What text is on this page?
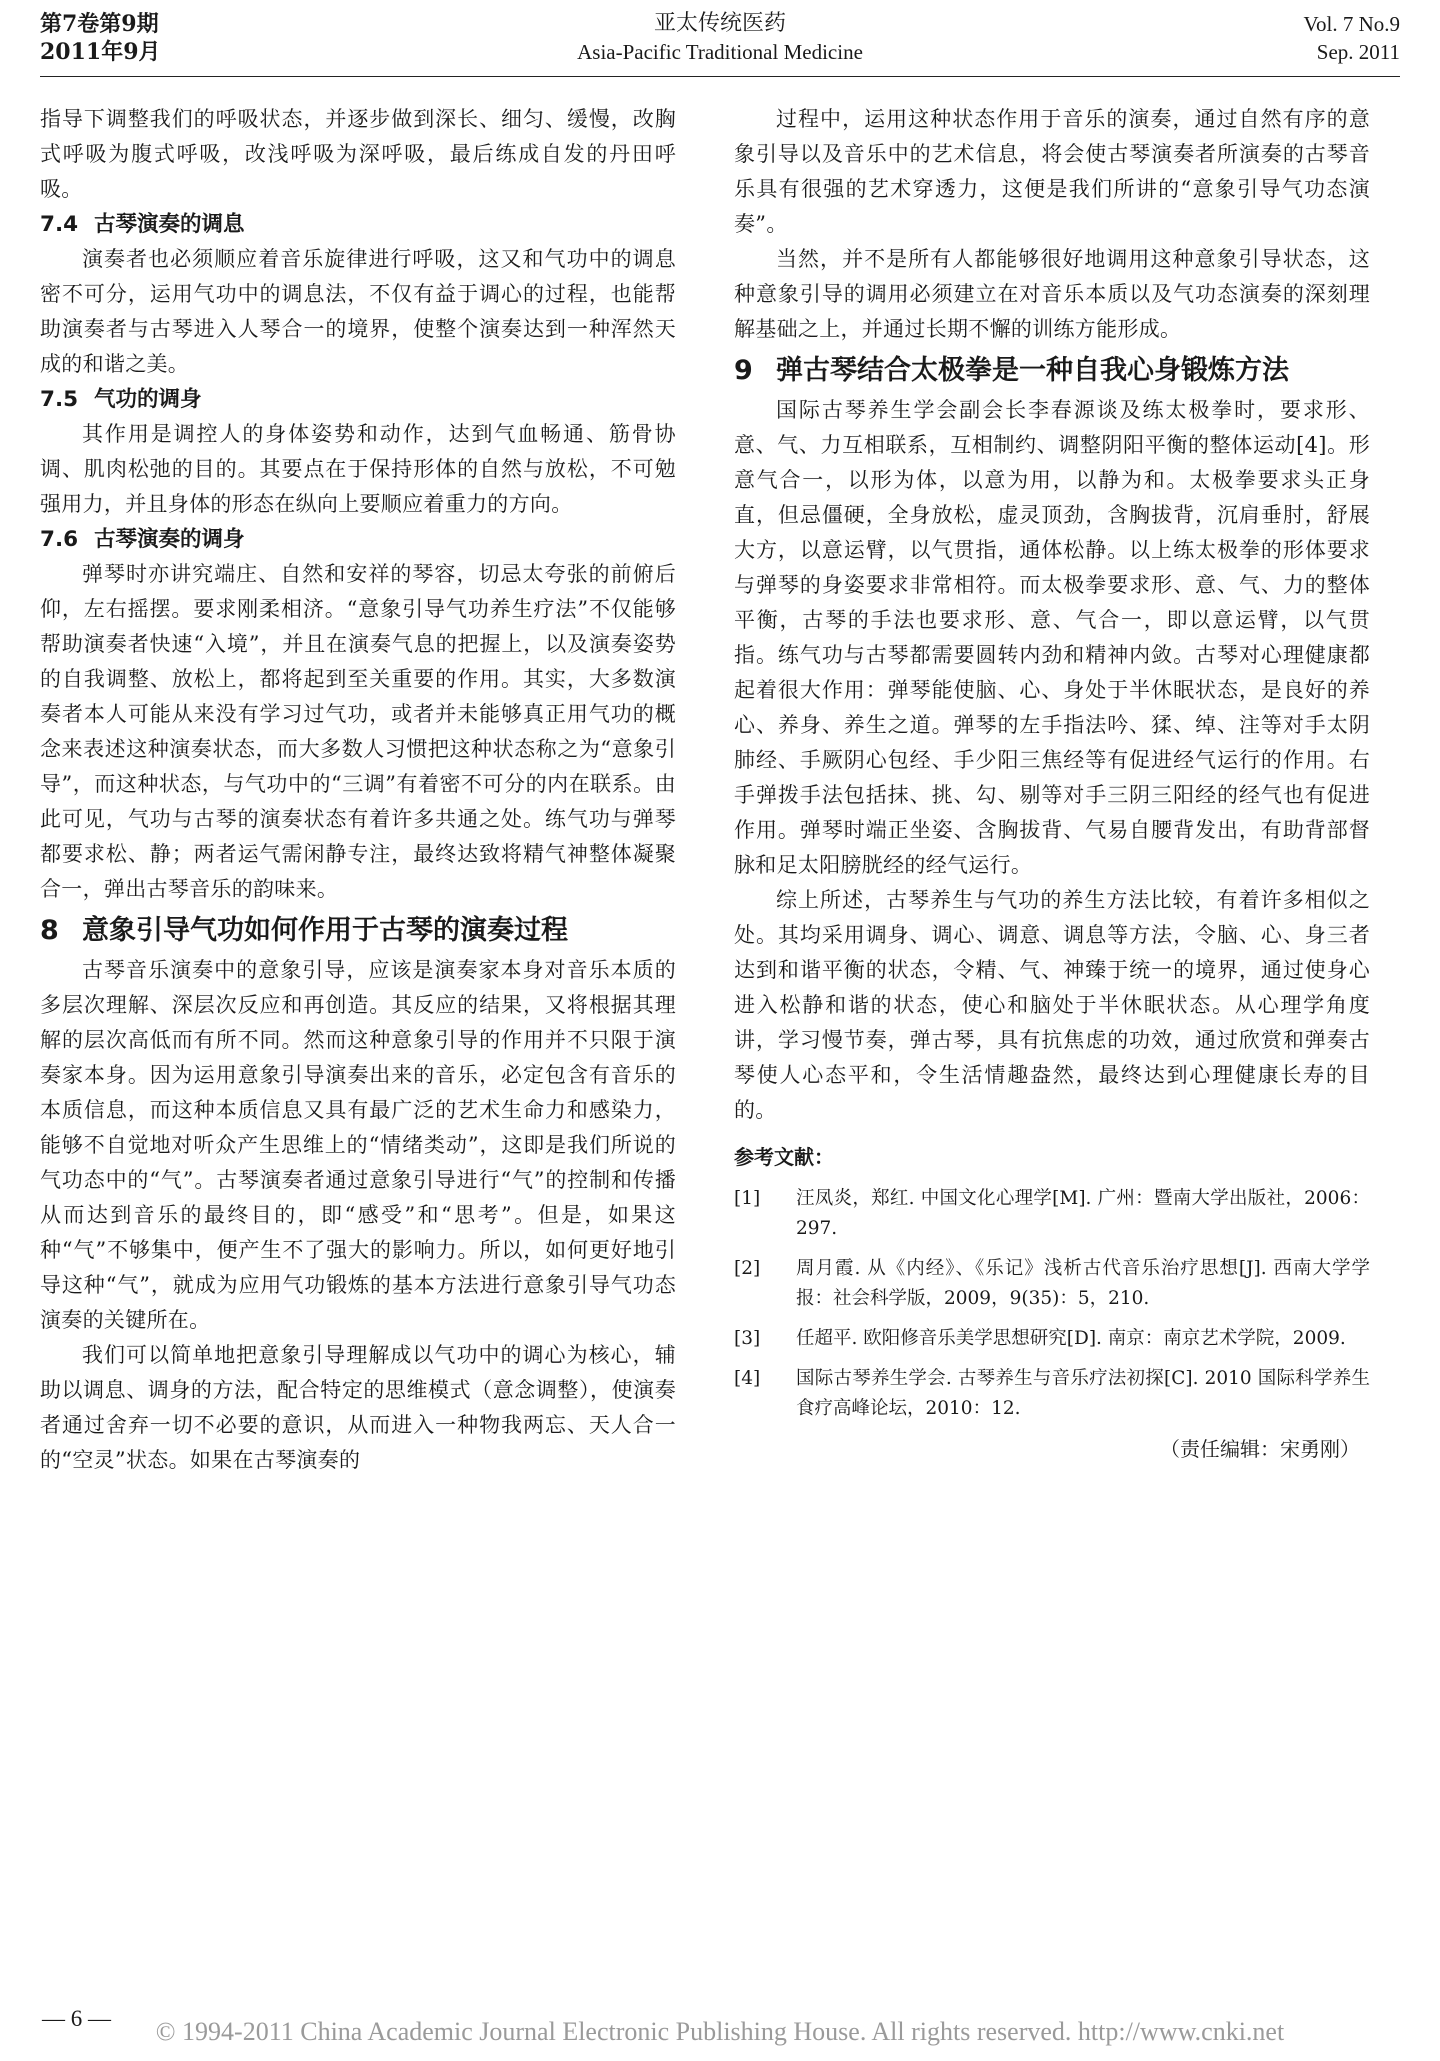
第7卷第9期
2011年9月
亚太传统医药
Asia-Pacific Traditional Medicine
Vol. 7 No.9
Sep. 2011

指导下调整我们的呼吸状态，并逐步做到深长、细匀、缓慢，改胸式呼吸为腹式呼吸，改浅呼吸为深呼吸，最后练成自发的丹田呼吸。

7.4 古琴演奏的调息

演奏者也必须顺应着音乐旋律进行呼吸，这又和气功中的调息密不可分，运用气功中的调息法，不仅有益于调心的过程，也能帮助演奏者与古琴进入人琴合一的境界，使整个演奏达到一种浑然天成的和谐之美。

7.5 气功的调身

其作用是调控人的身体姿势和动作，达到气血畅通、筋骨协调、肌肉松弛的目的。其要点在于保持形体的自然与放松，不可勉强用力，并且身体的形态在纵向上要顺应着重力的方向。

7.6 古琴演奏的调身

弹琴时亦讲究端庄、自然和安祥的琴容，切忌太夸张的前俯后仰，左右摇摆。要求刚柔相济。“意象引导气功养生疗法”不仅能够帮助演奏者快速“入境”，并且在演奏气息的把握上，以及演奏姿势的自我调整、放松上，都将起到至关重要的作用。其实，大多数演奏者本人可能从来没有学习过气功，或者并未能够真正用气功的概念来表述这种演奏状态，而大多数人习惯把这种状态称之为“意象引导”，而这种状态，与气功中的“三调”有着密不可分的内在联系。由此可见，气功与古琴的演奏状态有着许多共通之处。练气功与弹琴都要求松、静；两者运气需闲静专注，最终达致将精气神整体凝聚合一，弹出古琴音乐的韵味来。

8 意象引导气功如何作用于古琴的演奏过程

古琴音乐演奏中的意象引导，应该是演奏家本身对音乐本质的多层次理解、深层次反应和再创造。其反应的结果，又将根据其理解的层次高低而有所不同。然而这种意象引导的作用并不只限于演奏家本身。因为运用意象引导演奏出来的音乐，必定包含有音乐的本质信息，而这种本质信息又具有最广泛的艺术生命力和感染力，能够不自觉地对听众产生思维上的“情绪类动”，这即是我们所说的气功态中的“气”。古琴演奏者通过意象引导进行“气”的控制和传播从而达到音乐的最终目的，即“感受”和“思考”。但是，如果这种“气”不够集中，便产生不了强大的影响力。所以，如何更好地引导这种“气”，就成为应用气功锻炼的基本方法进行意象引导气功态演奏的关键所在。

我们可以简单地把意象引导理解成以气功中的调心为核心，辅助以调息、调身的方法，配合特定的思维模式（意念调整），使演奏者通过舍弃一切不必要的意识，从而进入一种物我两忘、天人合一的“空灵”状态。如果在古琴演奏的

过程中，运用这种状态作用于音乐的演奏，通过自然有序的意象引导以及音乐中的艺术信息，将会使古琴演奏者所演奏的古琴音乐具有很强的艺术穿透力，这便是我们所讲的“意象引导气功态演奏”。

当然，并不是所有人都能够很好地调用这种意象引导状态，这种意象引导的调用必须建立在对音乐本质以及气功态演奏的深刻理解基础之上，并通过长期不懈的训练方能形成。

9 弹古琴结合太极拳是一种自我心身锻炼方法

国际古琴养生学会副会长李春源谈及练太极拳时，要求形、意、气、力互相联系，互相制约、调整阴阳平衡的整体运动[4]。形意气合一，以形为体，以意为用，以静为和。太极拳要求头正身直，但忌僵硬，全身放松，虚灵顶劲，含胸拔背，沉肩垂肘，舒展大方，以意运臂，以气贯指，通体松静。以上练太极拳的形体要求与弹琴的身姿要求非常相符。而太极拳要求形、意、气、力的整体平衡，古琴的手法也要求形、意、气合一，即以意运臂，以气贯指。练气功与古琴都需要圆转内劲和精神内敛。古琴对心理健康都起着很大作用：弹琴能使脑、心、身处于半休眠状态，是良好的养心、养身、养生之道。弹琴的左手指法吟、猱、绰、注等对手太阴肺经、手厥阴心包经、手少阳三焦经等有促进经气运行的作用。右手弹拨手法包括抹、挑、勾、剔等对手三阴三阳经的经气也有促进作用。弹琴时端正坐姿、含胸拔背、气易自腰背发出，有助背部督脉和足太阳膀胱经的经气运行。

综上所述，古琴养生与气功的养生方法比较，有着许多相似之处。其均采用调身、调心、调意、调息等方法，令脑、心、身三者达到和谐平衡的状态，令精、气、神臻于统一的境界，通过使身心进入松静和谐的状态，使心和脑处于半休眠状态。从心理学角度讲，学习慢节奏，弹古琴，具有抗焦虑的功效，通过欣赏和弹奏古琴使人心态平和，令生活情趣盎然，最终达到心理健康长寿的目的。

参考文献：
[1] 汪凤炎，郑红. 中国文化心理学[M]. 广州：暨南大学出版社，2006：297.
[2] 周月霞. 从《内经》、《乐记》浅析古代音乐治疗思想[J]. 西南大学学报：社会科学版，2009，9(35)：5，210.
[3] 任超平. 欧阳修音乐美学思想研究[D]. 南京：南京艺术学院，2009.
[4] 国际古琴养生学会. 古琴养生与音乐疗法初探[C]. 2010 国际科学养生食疗高峰论坛，2010：12.
（责任编辑：宋勇刚）
— 6 —	© 1994-2011 China Academic Journal Electronic Publishing House. All rights reserved. http://www.cnki.net
